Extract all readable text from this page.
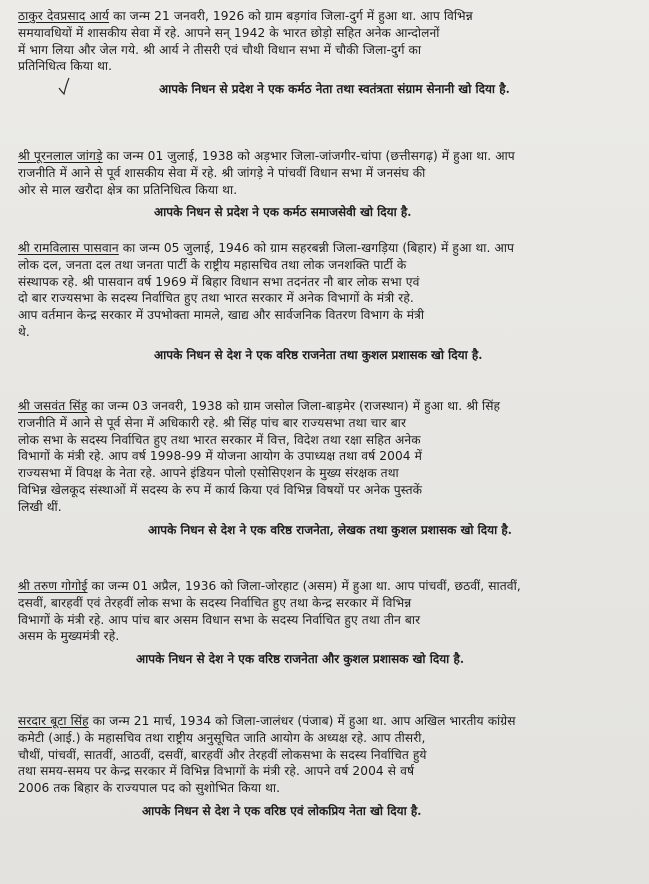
ठाकुर देवप्रसाद आर्य का जन्म 21 जनवरी, 1926 को ग्राम बड़गांव जिला-दुर्ग में हुआ था. आप विभिन्न
समयावधियों में शासकीय सेवा में रहे. आपने सन् 1942 के भारत छोड़ो सहित अनेक आन्दोलनों
में भाग लिया और जेल गये. श्री आर्य ने तीसरी एवं चौथी विधान सभा में चौकी जिला-दुर्ग का
प्रतिनिधित्व किया था.

आपके निधन से प्रदेश ने एक कर्मठ नेता तथा स्वतंत्रता संग्राम सेनानी खो दिया है.

श्री पूरनलाल जांगड़े का जन्म 01 जुलाई, 1938 को अड़भार जिला-जांजगीर-चांपा (छत्तीसगढ़) में हुआ था. आप
राजनीति में आने से पूर्व शासकीय सेवा में रहे. श्री जांगड़े ने पांचवीं विधान सभा में जनसंघ की
ओर से माल खरौदा क्षेत्र का प्रतिनिधित्व किया था.

आपके निधन से प्रदेश ने एक कर्मठ समाजसेवी खो दिया है.

श्री रामविलास पासवान का जन्म 05 जुलाई, 1946 को ग्राम सहरबन्नी जिला-खगड़िया (बिहार) में हुआ था. आप
लोक दल, जनता दल तथा जनता पार्टी के राष्ट्रीय महासचिव तथा लोक जनशक्ति पार्टी के
संस्थापक रहे. श्री पासवान वर्ष 1969 में बिहार विधान सभा तदनंतर नौ बार लोक सभा एवं
दो बार राज्यसभा के सदस्य निर्वाचित हुए तथा भारत सरकार में अनेक विभागों के मंत्री रहे.
आप वर्तमान केन्द्र सरकार में उपभोक्ता मामले, खाद्य और सार्वजनिक वितरण विभाग के मंत्री
थे.

आपके निधन से देश ने एक वरिष्ठ राजनेता तथा कुशल प्रशासक खो दिया है.

श्री जसवंत सिंह का जन्म 03 जनवरी, 1938 को ग्राम जसोल जिला-बाड़मेर (राजस्थान) में हुआ था. श्री सिंह
राजनीति में आने से पूर्व सेना में अधिकारी रहे. श्री सिंह पांच बार राज्यसभा तथा चार बार
लोक सभा के सदस्य निर्वाचित हुए तथा भारत सरकार में वित्त, विदेश तथा रक्षा सहित अनेक
विभागों के मंत्री रहे. आप वर्ष 1998-99 में योजना आयोग के उपाध्यक्ष तथा वर्ष 2004 में
राज्यसभा में विपक्ष के नेता रहे. आपने इंडियन पोलो एसोसिएशन के मुख्य संरक्षक तथा
विभिन्न खेलकूद संस्थाओं में सदस्य के रुप में कार्य किया एवं विभिन्न विषयों पर अनेक पुस्तकें
लिखी थीं.

आपके निधन से देश ने एक वरिष्ठ राजनेता, लेखक तथा कुशल प्रशासक खो दिया है.

श्री तरुण गोगोई का जन्म 01 अप्रैल, 1936 को जिला-जोरहाट (असम) में हुआ था. आप पांचवीं, छठवीं, सातवीं,
दसवीं, बारहवीं एवं तेरहवीं लोक सभा के सदस्य निर्वाचित हुए तथा केन्द्र सरकार में विभिन्न
विभागों के मंत्री रहे. आप पांच बार असम विधान सभा के सदस्य निर्वाचित हुए तथा तीन बार
असम के मुख्यमंत्री रहे.

आपके निधन से देश ने एक वरिष्ठ राजनेता और कुशल प्रशासक खो दिया है.

सरदार बूटा सिंह का जन्म 21 मार्च, 1934 को जिला-जालंधर (पंजाब) में हुआ था. आप अखिल भारतीय कांग्रेस
कमेटी (आई.) के महासचिव तथा राष्ट्रीय अनुसूचित जाति आयोग के अध्यक्ष रहे. आप तीसरी,
चौथीं, पांचवीं, सातवीं, आठवीं, दसवीं, बारहवीं और तेरहवीं लोकसभा के सदस्य निर्वाचित हुये
तथा समय-समय पर केन्द्र सरकार में विभिन्न विभागों के मंत्री रहे. आपने वर्ष 2004 से वर्ष
2006 तक बिहार के राज्यपाल पद को सुशोभित किया था.

आपके निधन से देश ने एक वरिष्ठ एवं लोकप्रिय नेता खो दिया है.
